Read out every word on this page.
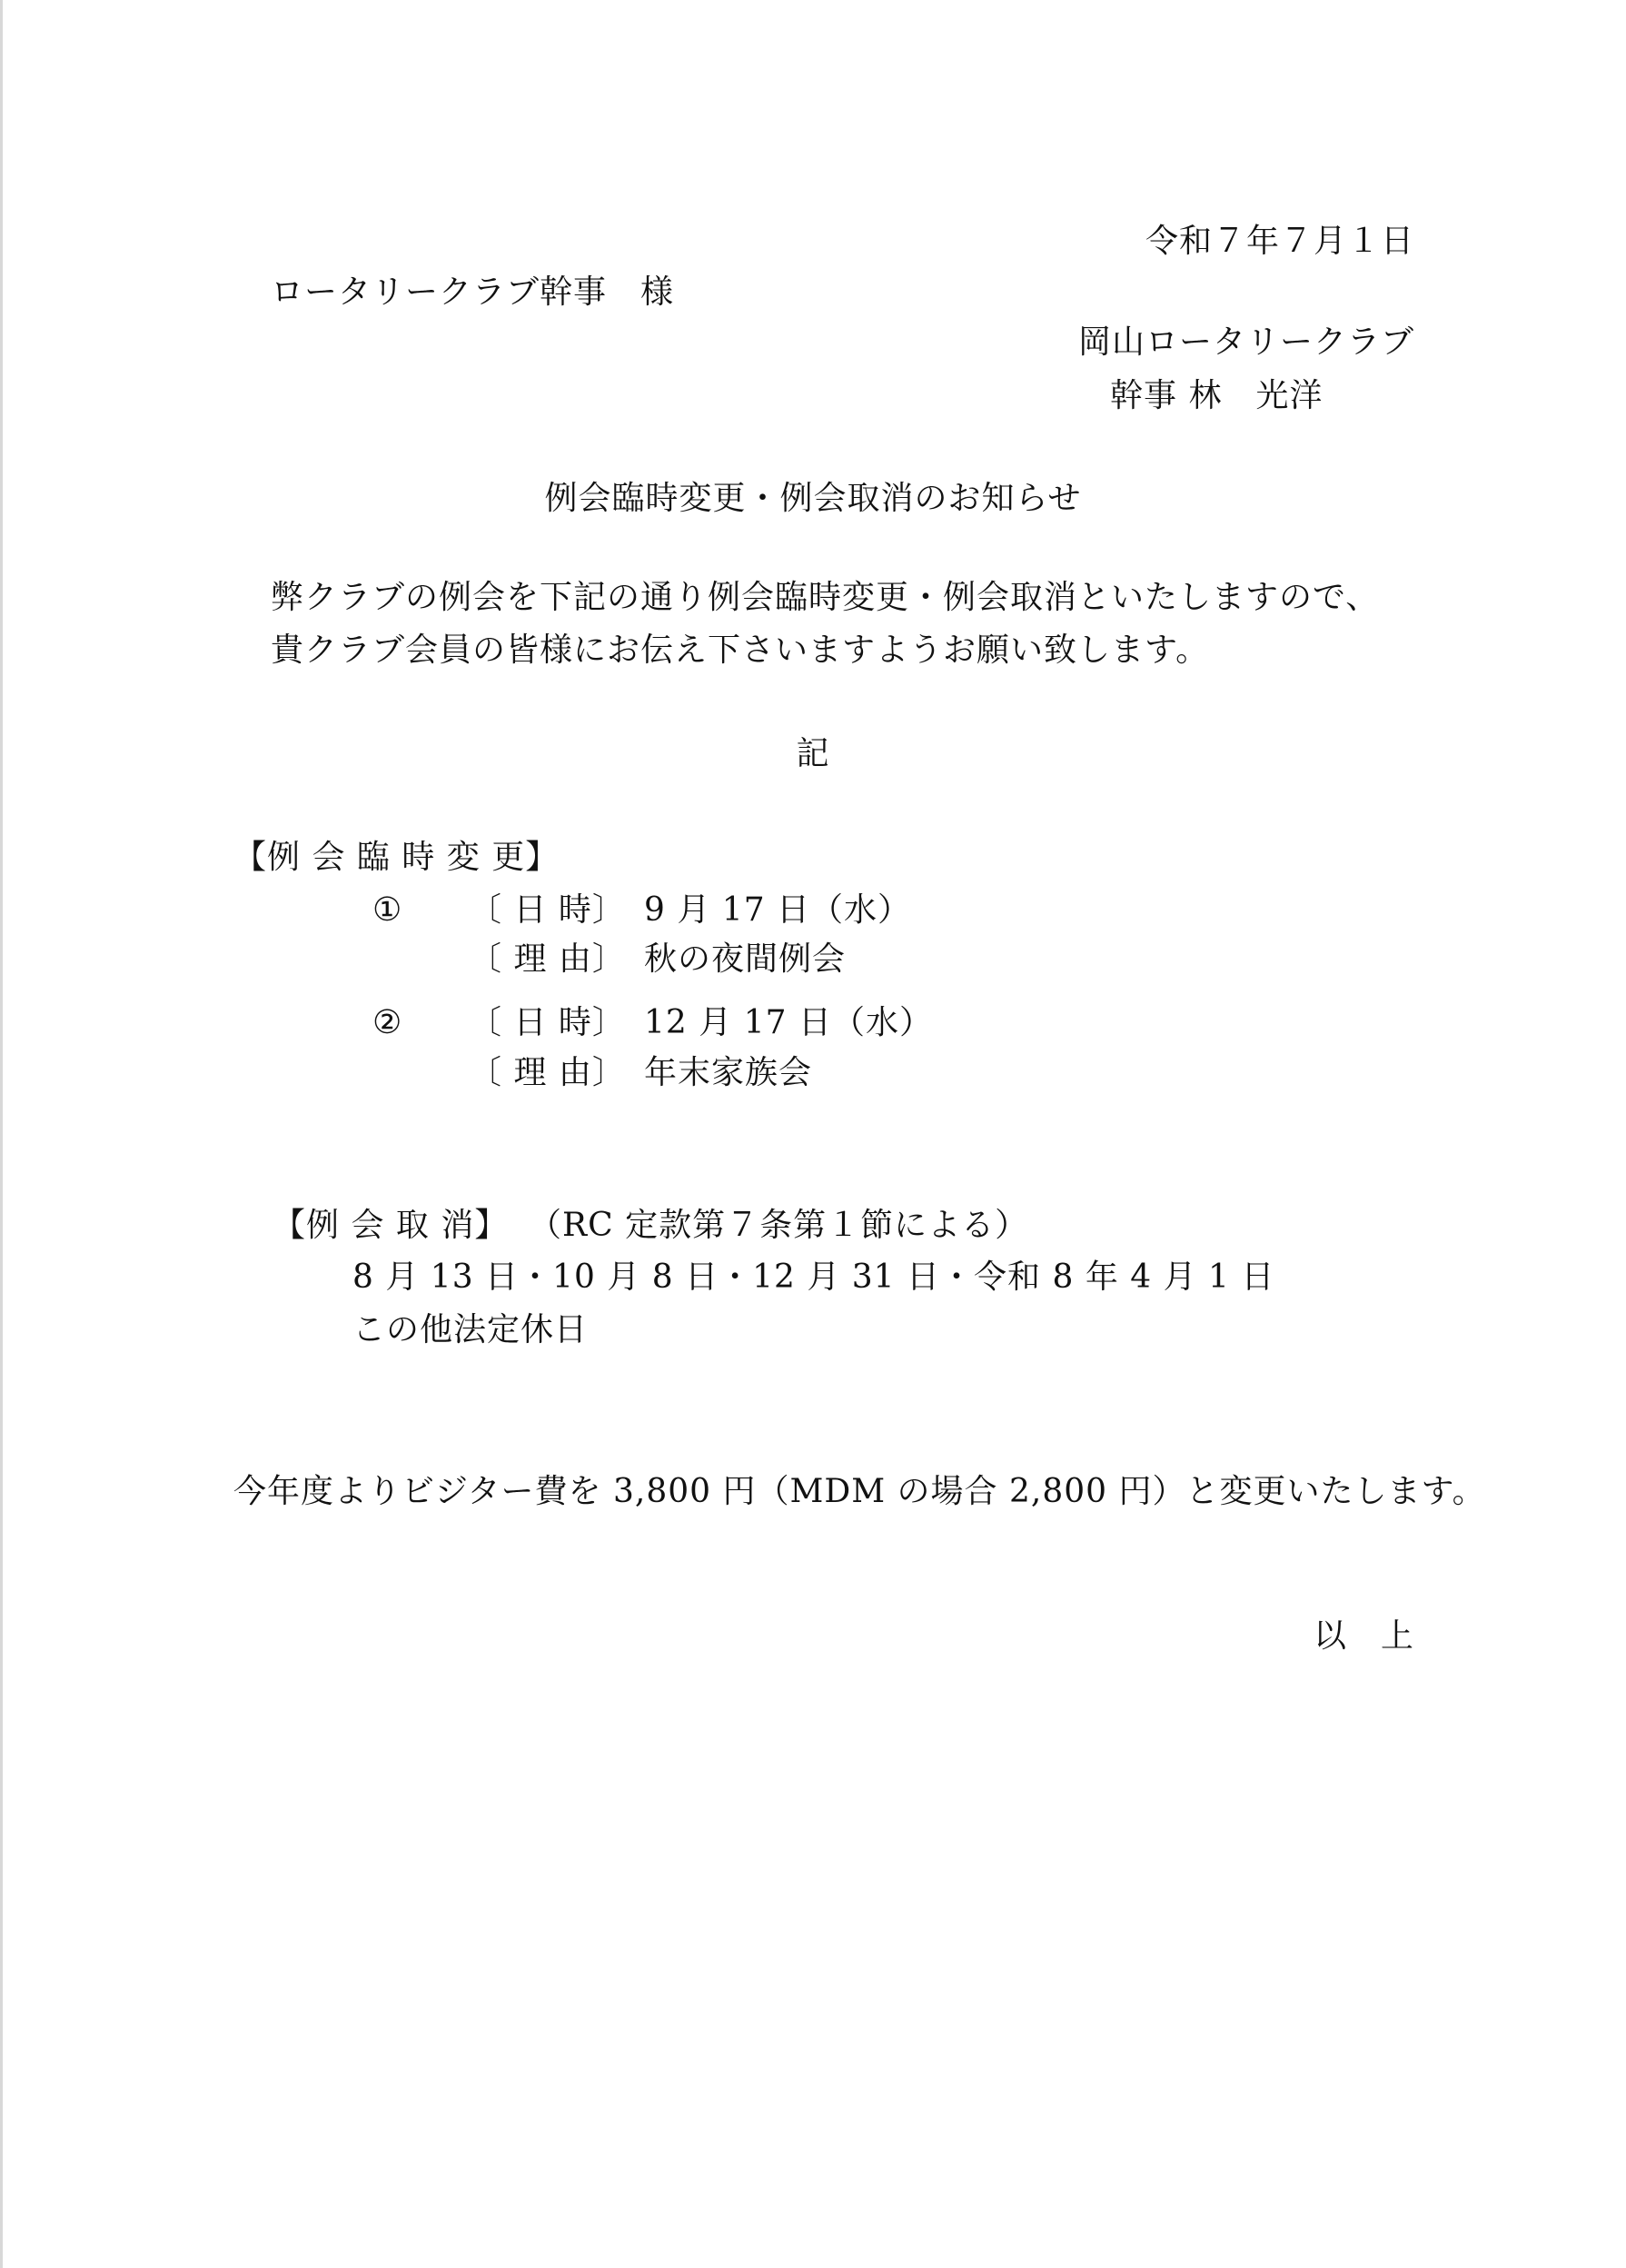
令和７年７月１日
ロータリークラブ幹事　様
岡山ロータリークラブ
幹事 林　光洋
例会臨時変更・例会取消のお知らせ
弊クラブの例会を下記の通り例会臨時変更・例会取消といたしますので、
貴クラブ会員の皆様にお伝え下さいますようお願い致します。
記
【例 会 臨 時 変 更】
① 〔 日 時〕 9 月 17 日（水）
〔 理 由〕 秋の夜間例会
② 〔 日 時〕 12 月 17 日（水）
〔 理 由〕 年末家族会
【例 会 取 消】 （RC 定款第７条第１節による）
8 月 13 日・10 月 8 日・12 月 31 日・令和 8 年 4 月 1 日
この他法定休日
今年度よりビジター費を 3,800 円（MDM の場合 2,800 円）と変更いたします。
以　上
